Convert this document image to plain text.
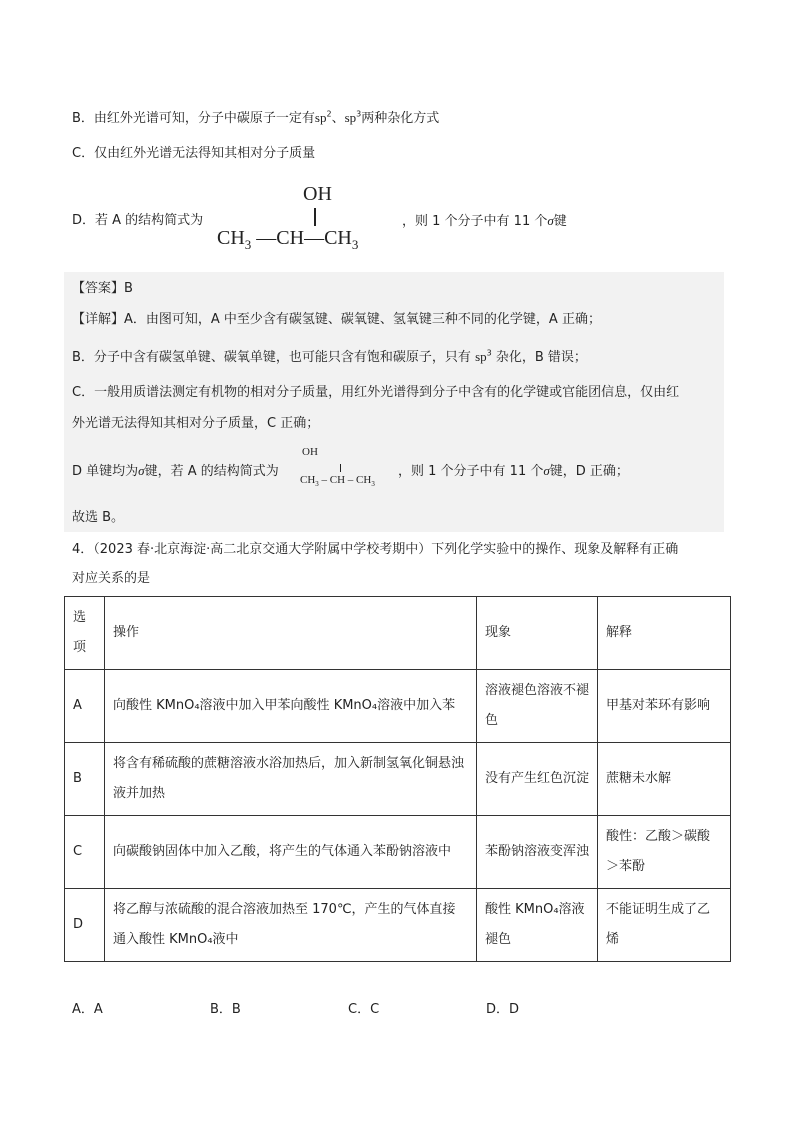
B．由红外光谱可知，分子中碳原子一定有$sp^2$、$sp^3$两种杂化方式
C．仅由红外光谱无法得知其相对分子质量
D．若 A 的结构简式为
OH
$CH_3$ $—CH—CH_3$
，则 1 个分子中有 11 个σ键
【答案】B
【详解】A．由图可知，A 中至少含有碳氢键、碳氧键、氢氧键三种不同的化学键，A 正确；
B．分子中含有碳氢单键、碳氧单键，也可能只含有饱和碳原子，只有 $sp^3$ 杂化，B 错误；
C．一般用质谱法测定有机物的相对分子质量，用红外光谱得到分子中含有的化学键或官能团信息，仅由红
外光谱无法得知其相对分子质量，C 正确；
D 单键均为σ键，若 A 的结构简式为
OH
$CH_3$ – CH – $CH_3$
，则 1 个分子中有 11 个σ键，D 正确；
故选 B。
4．（2023 春·北京海淀·高二北京交通大学附属中学校考期中）下列化学实验中的操作、现象及解释有正确
对应关系的是
选项	操作	现象	解释
A	向酸性 KMnO₄溶液中加入甲苯向酸性 KMnO₄溶液中加入苯	溶液褪色溶液不褪色	甲基对苯环有影响
B	将含有稀硫酸的蔗糖溶液水浴加热后，加入新制氢氧化铜悬浊液并加热	没有产生红色沉淀	蔗糖未水解
C	向碳酸钠固体中加入乙酸，将产生的气体通入苯酚钠溶液中	苯酚钠溶液变浑浊	酸性：乙酸＞碳酸＞苯酚
D	将乙醇与浓硫酸的混合溶液加热至 170℃，产生的气体直接通入酸性 KMnO₄液中	酸性 KMnO₄溶液褪色	不能证明生成了乙烯
A．A	B．B	C．C	D．D
